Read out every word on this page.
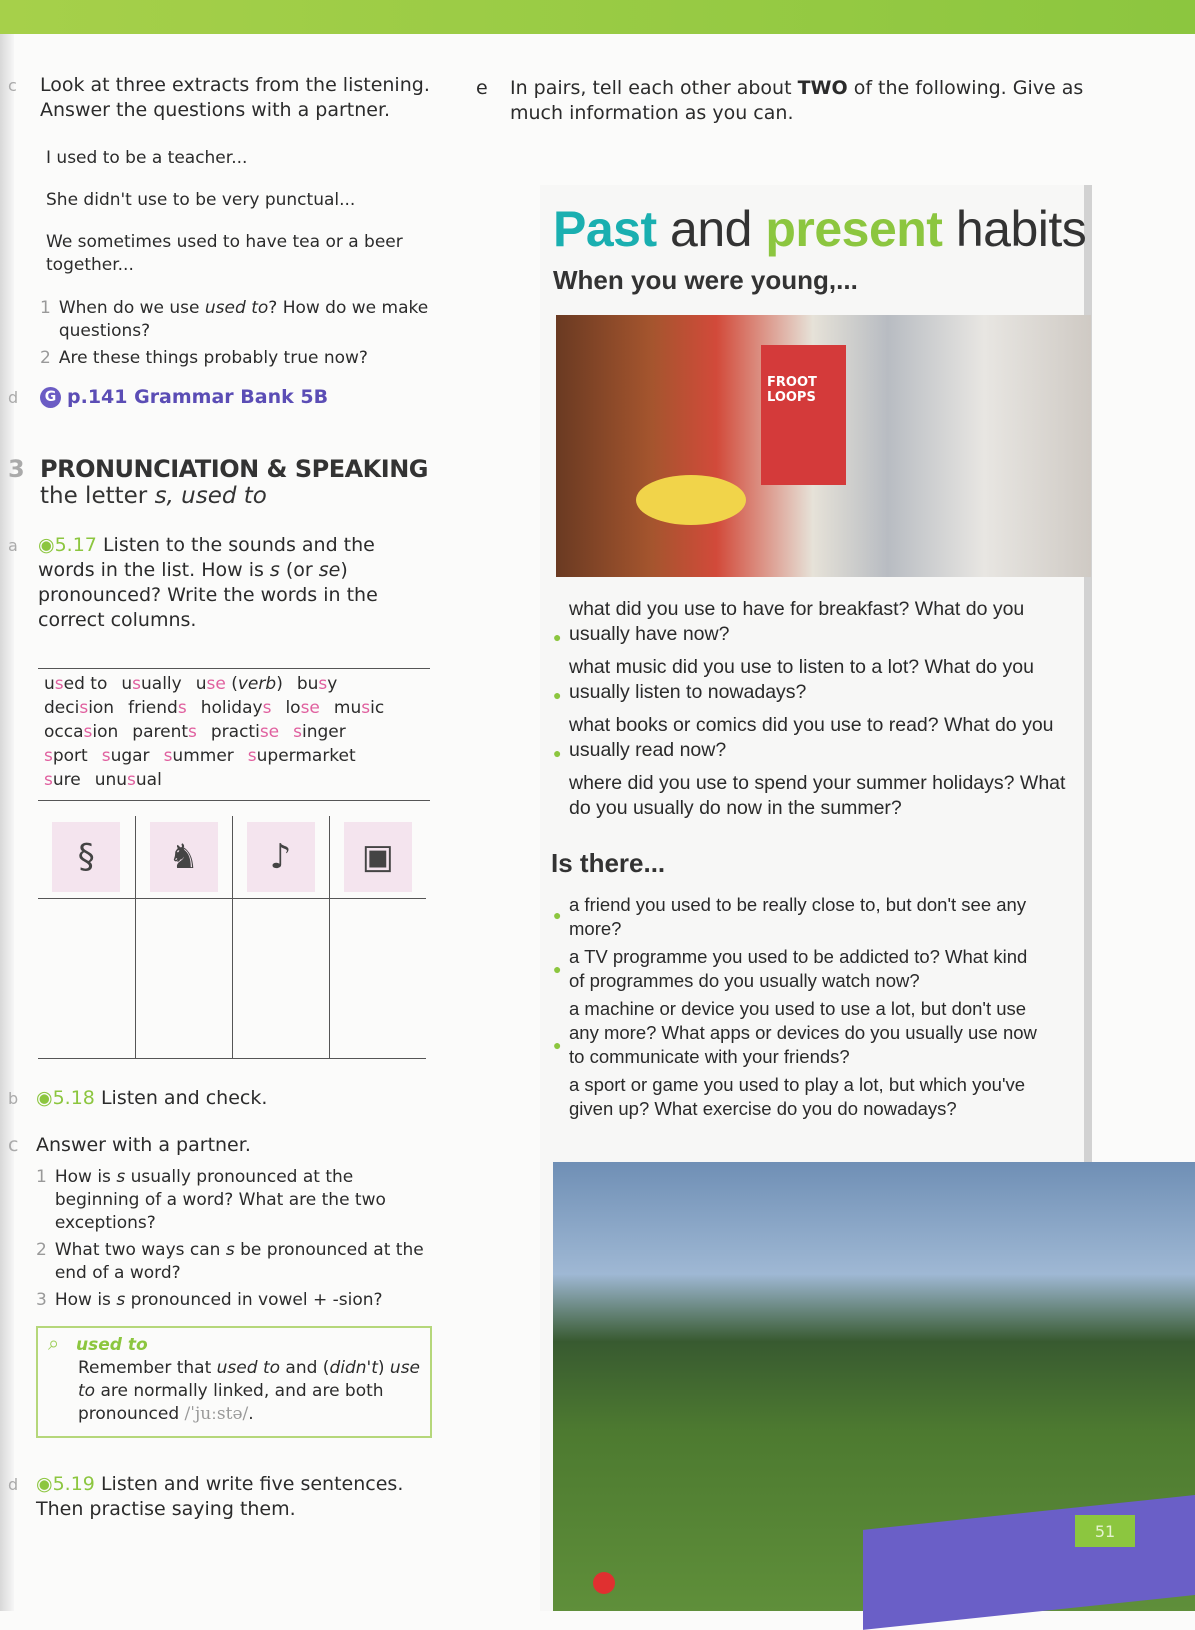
c Look at three extracts from the listening. Answer the questions with a partner.
I used to be a teacher...
She didn't use to be very punctual...
We sometimes used to have tea or a beer together...
1 When do we use used to? How do we make questions?
2 Are these things probably true now?
d	G p.141 Grammar Bank 5B
3 PRONUNCIATION & SPEAKING
the letter s, used to
a ◉5.17 Listen to the sounds and the words in the list. How is s (or se) pronounced? Write the words in the correct columns.
used to usually use (verb) busy
decision friends holidays lose music
occasion parents practise singer
sport sugar summer supermarket
sure unusual
§	♞	♪	▣

b ◉5.18 Listen and check.
c Answer with a partner.
1 How is s usually pronounced at the beginning of a word? What are the two exceptions?
2 What two ways can s be pronounced at the end of a word?
3 How is s pronounced in vowel + -sion?
⌕ used to
Remember that used to and (didn't) use to are normally linked, and are both pronounced /ˈjuːstə/.
d ◉5.19 Listen and write five sentences. Then practise saying them.
e In pairs, tell each other about TWO of the following. Give as much information as you can.
Past and present habits
When you were young,...
FROOT LOOPS
●
what did you use to have for breakfast? What do you usually have now?
●
what music did you use to listen to a lot? What do you usually listen to nowadays?
●
what books or comics did you use to read? What do you usually read now?
where did you use to spend your summer holidays? What do you usually do now in the summer?
Is there...
● a friend you used to be really close to, but don't see any more?
●
a TV programme you used to be addicted to? What kind of programmes do you usually watch now?
●
a machine or device you used to use a lot, but don't use any more? What apps or devices do you usually use now to communicate with your friends?
a sport or game you used to play a lot, but which you've given up? What exercise do you do nowadays?
51
